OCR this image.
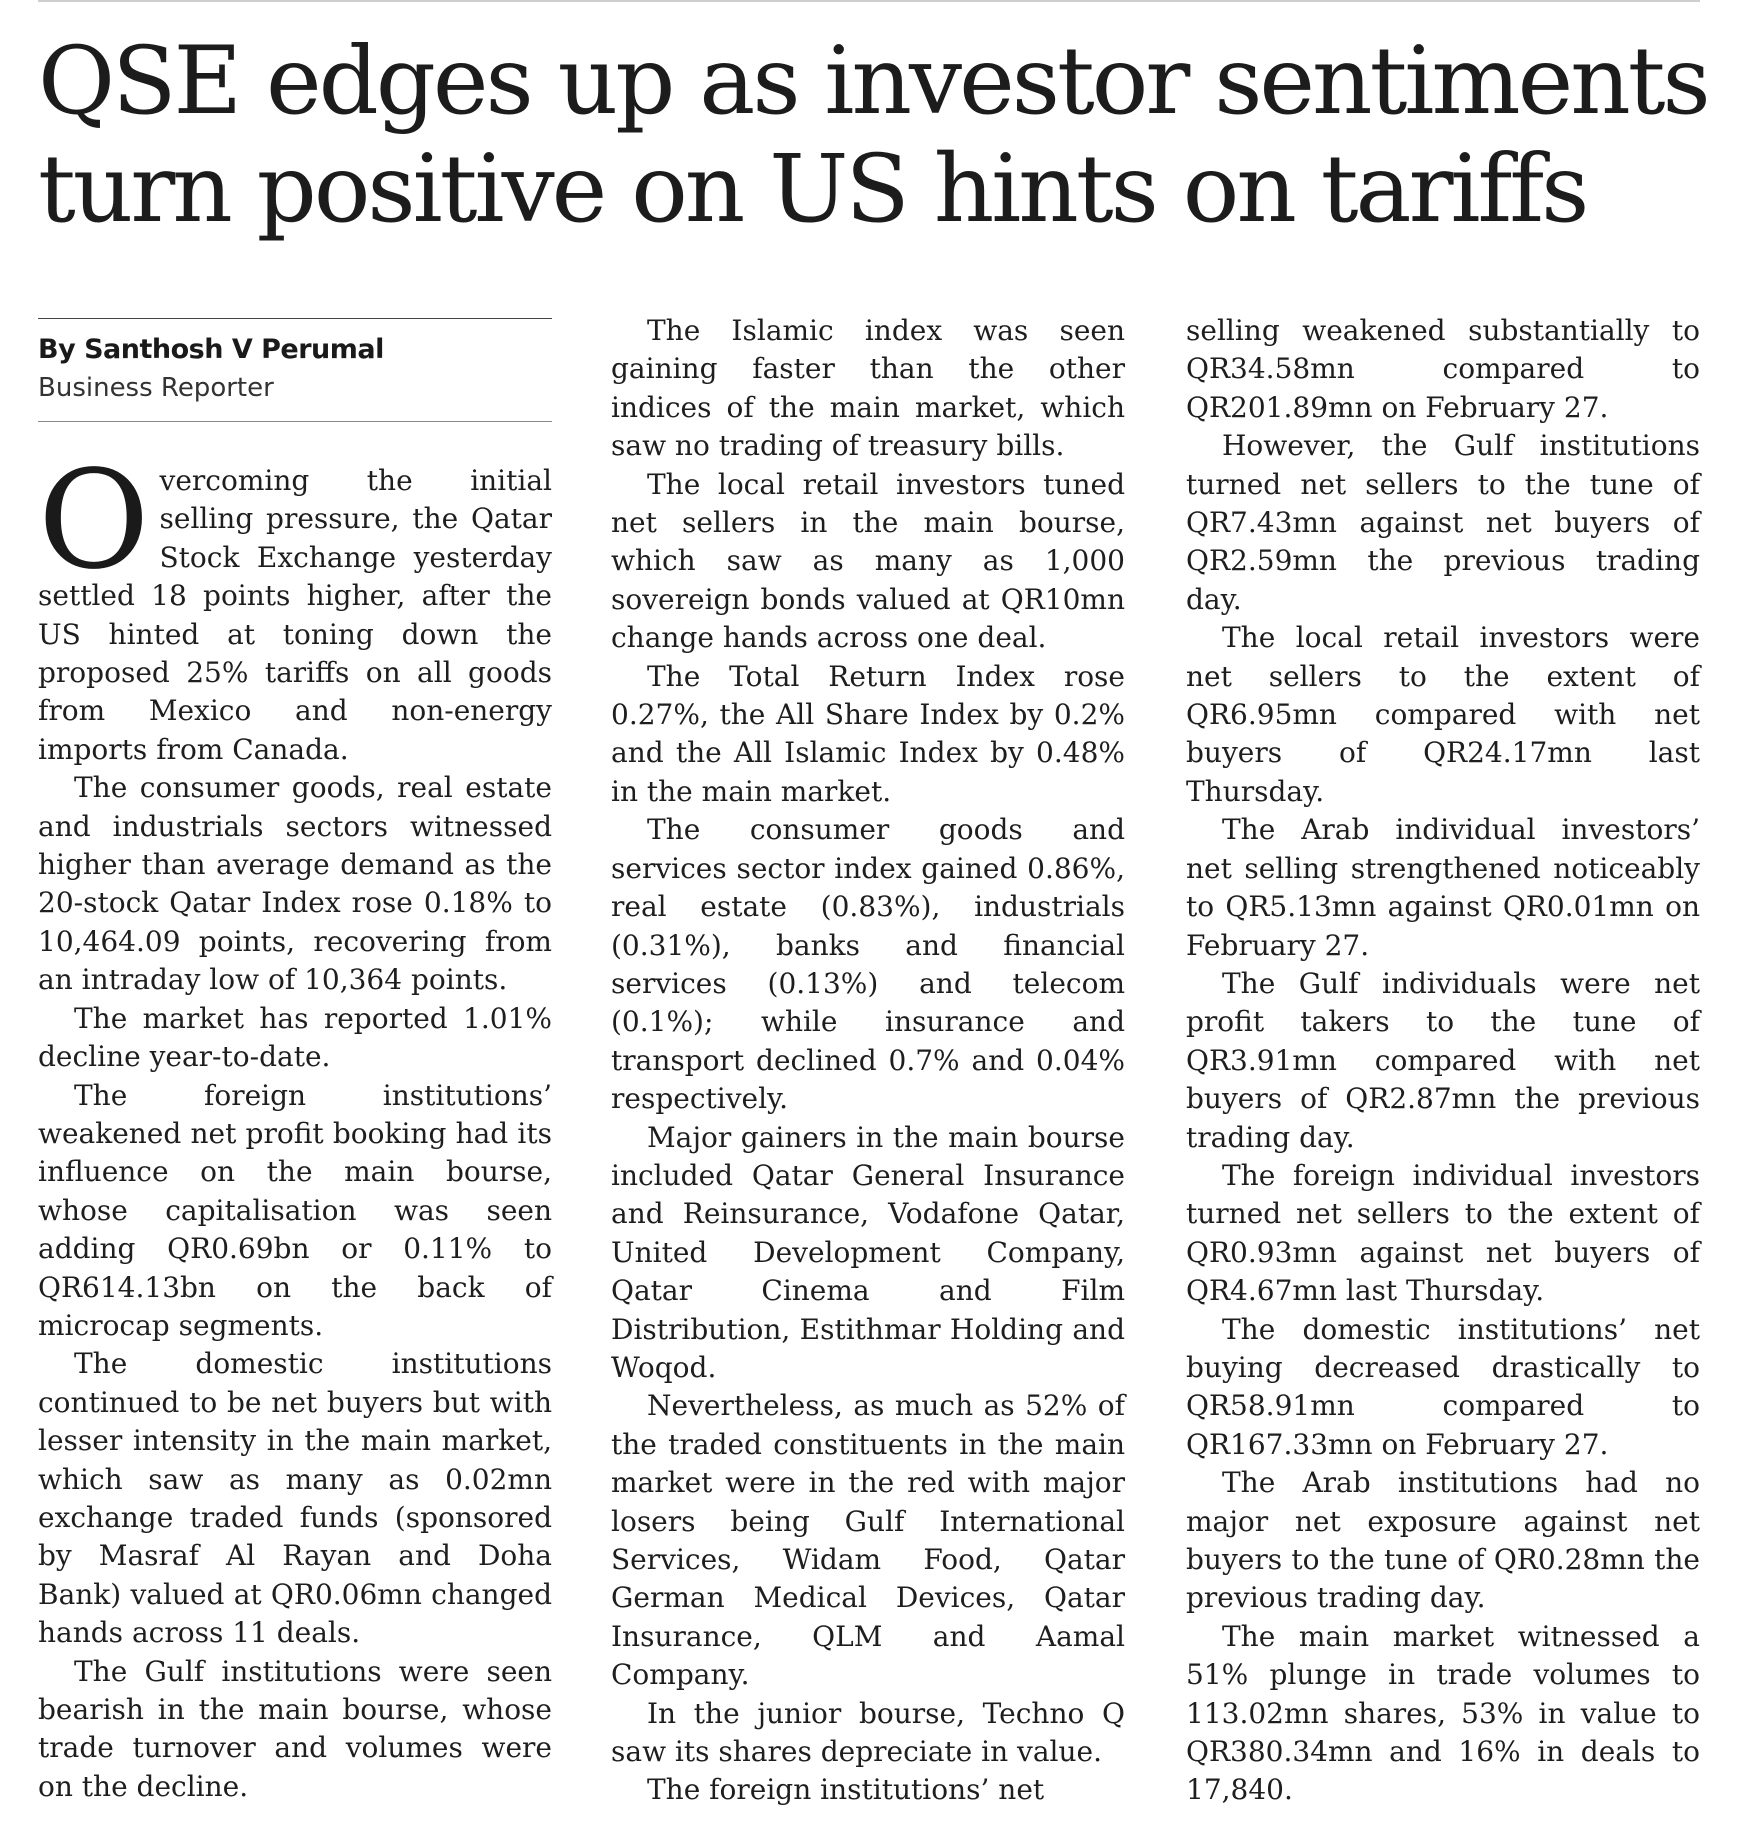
QSE edges up as investor sentiments
turn positive on US hints on tariffs
By Santhosh V Perumal
Business Reporter

Overcoming the initial selling pressure, the Qatar Stock Exchange yesterday settled 18 points higher, after the US hinted at toning down the proposed 25% tariffs on all goods from Mexico and non-energy imports from Canada.

The consumer goods, real estate and industrials sectors witnessed higher than average demand as the 20-stock Qatar Index rose 0.18% to 10,464.09 points, recovering from an intraday low of 10,364 points.

The market has reported 1.01% decline year-to-date.

The foreign institutions’ weakened net profit booking had its influence on the main bourse, whose capitalisation was seen adding QR0.69bn or 0.11% to QR614.13bn on the back of microcap segments.

The domestic institutions continued to be net buyers but with lesser intensity in the main market, which saw as many as 0.02mn exchange traded funds (sponsored by Masraf Al Rayan and Doha Bank) valued at QR0.06mn changed hands across 11 deals.

The Gulf institutions were seen bearish in the main bourse, whose trade turnover and volumes were on the decline.

The Islamic index was seen gaining faster than the other indices of the main market, which saw no trading of treasury bills.

The local retail investors tuned net sellers in the main bourse, which saw as many as 1,000 sovereign bonds valued at QR10mn change hands across one deal.

The Total Return Index rose 0.27%, the All Share Index by 0.2% and the All Islamic Index by 0.48% in the main market.

The consumer goods and services sector index gained 0.86%, real estate (0.83%), industrials (0.31%), banks and financial services (0.13%) and telecom (0.1%); while insurance and transport declined 0.7% and 0.04% respectively.

Major gainers in the main bourse included Qatar General Insurance and Reinsurance, Vodafone Qatar, United Development Company, Qatar Cinema and Film Distribution, Estithmar Holding and Woqod.

Nevertheless, as much as 52% of the traded constituents in the main market were in the red with major losers being Gulf International Services, Widam Food, Qatar German Medical Devices, Qatar Insurance, QLM and Aamal Company.

In the junior bourse, Techno Q saw its shares depreciate in value.

The foreign institutions’ net

selling weakened substantially to QR34.58mn compared to QR201.89mn on February 27.

However, the Gulf institutions turned net sellers to the tune of QR7.43mn against net buyers of QR2.59mn the previous trading day.

The local retail investors were net sellers to the extent of QR6.95mn compared with net buyers of QR24.17mn last Thursday.

The Arab individual investors’ net selling strengthened noticeably to QR5.13mn against QR0.01mn on February 27.

The Gulf individuals were net profit takers to the tune of QR3.91mn compared with net buyers of QR2.87mn the previous trading day.

The foreign individual investors turned net sellers to the extent of QR0.93mn against net buyers of QR4.67mn last Thursday.

The domestic institutions’ net buying decreased drastically to QR58.91mn compared to QR167.33mn on February 27.

The Arab institutions had no major net exposure against net buyers to the tune of QR0.28mn the previous trading day.

The main market witnessed a 51% plunge in trade volumes to 113.02mn shares, 53% in value to QR380.34mn and 16% in deals to 17,840.
